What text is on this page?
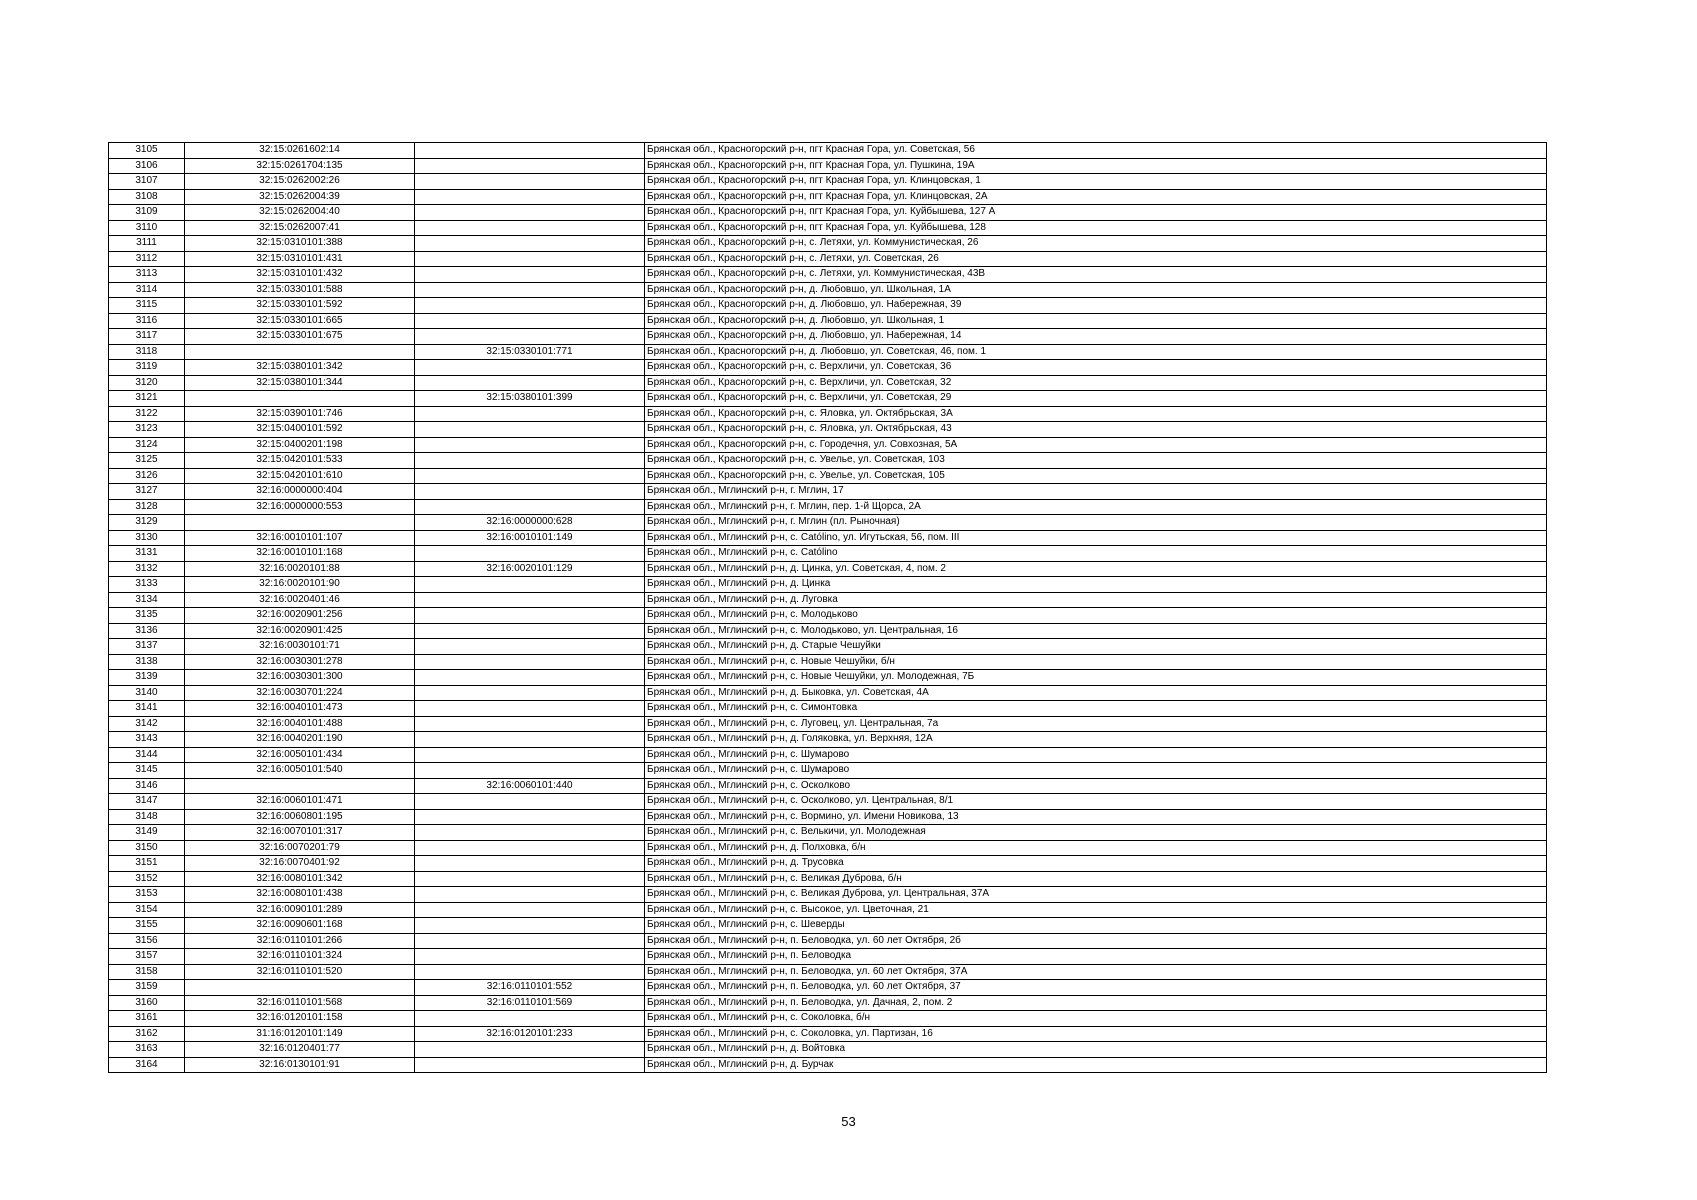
3105	32:15:0261602:14		Брянская обл., Красногорский р-н, пгт Красная Гора, ул. Советская, 56
3106	32:15:0261704:135		Брянская обл., Красногорский р-н, пгт Красная Гора, ул. Пушкина, 19А
3107	32:15:0262002:26		Брянская обл., Красногорский р-н, пгт Красная Гора, ул. Клинцовская, 1
3108	32:15:0262004:39		Брянская обл., Красногорский р-н, пгт Красная Гора, ул. Клинцовская, 2А
3109	32:15:0262004:40		Брянская обл., Красногорский р-н, пгт Красная Гора, ул. Куйбышева, 127 А
3110	32:15:0262007:41		Брянская обл., Красногорский р-н, пгт Красная Гора, ул. Куйбышева, 128
3111	32:15:0310101:388		Брянская обл., Красногорский р-н, с. Летяхи, ул. Коммунистическая, 26
3112	32:15:0310101:431		Брянская обл., Красногорский р-н, с. Летяхи, ул. Советская, 26
3113	32:15:0310101:432		Брянская обл., Красногорский р-н, с. Летяхи, ул. Коммунистическая, 43В
3114	32:15:0330101:588		Брянская обл., Красногорский р-н, д. Любовшо, ул. Школьная, 1А
3115	32:15:0330101:592		Брянская обл., Красногорский р-н, д. Любовшо, ул. Набережная, 39
3116	32:15:0330101:665		Брянская обл., Красногорский р-н, д. Любовшо, ул. Школьная, 1
3117	32:15:0330101:675		Брянская обл., Красногорский р-н, д. Любовшо, ул. Набережная, 14
3118		32:15:0330101:771	Брянская обл., Красногорский р-н, д. Любовшо, ул. Советская, 46, пом. 1
3119	32:15:0380101:342		Брянская обл., Красногорский р-н, с. Верхличи, ул. Советская, 36
3120	32:15:0380101:344		Брянская обл., Красногорский р-н, с. Верхличи, ул. Советская, 32
3121		32:15:0380101:399	Брянская обл., Красногорский р-н, с. Верхличи, ул. Советская, 29
3122	32:15:0390101:746		Брянская обл., Красногорский р-н, с. Яловка, ул. Октябрьская, 3А
3123	32:15:0400101:592		Брянская обл., Красногорский р-н, с. Яловка, ул. Октябрьская, 43
3124	32:15:0400201:198		Брянская обл., Красногорский р-н, с. Городечня, ул. Совхозная, 5А
3125	32:15:0420101:533		Брянская обл., Красногорский р-н, с. Увелье, ул. Советская, 103
3126	32:15:0420101:610		Брянская обл., Красногорский р-н, с. Увелье, ул. Советская, 105
3127	32:16:0000000:404		Брянская обл., Мглинский р-н, г. Мглин, 17
3128	32:16:0000000:553		Брянская обл., Мглинский р-н, г. Мглин, пер. 1-й Щорса, 2А
3129		32:16:0000000:628	Брянская обл., Мглинский р-н, г. Мглин (пл. Рыночная)
3130	32:16:0010101:107	32:16:0010101:149	Брянская обл., Мглинский р-н, с. Católino, ул. Игутьская, 56, пом. III
3131	32:16:0010101:168		Брянская обл., Мглинский р-н, с. Católino
3132	32:16:0020101:88	32:16:0020101:129	Брянская обл., Мглинский р-н, д. Цинка, ул. Советская, 4, пом. 2
3133	32:16:0020101:90		Брянская обл., Мглинский р-н, д. Цинка
3134	32:16:0020401:46		Брянская обл., Мглинский р-н, д. Луговка
3135	32:16:0020901:256		Брянская обл., Мглинский р-н, с. Молодьково
3136	32:16:0020901:425		Брянская обл., Мглинский р-н, с. Молодьково, ул. Центральная, 16
3137	32:16:0030101:71		Брянская обл., Мглинский р-н, д. Старые Чешуйки
3138	32:16:0030301:278		Брянская обл., Мглинский р-н, с. Новые Чешуйки, б/н
3139	32:16:0030301:300		Брянская обл., Мглинский р-н, с. Новые Чешуйки, ул. Молодежная, 7Б
3140	32:16:0030701:224		Брянская обл., Мглинский р-н, д. Быковка, ул. Советская, 4А
3141	32:16:0040101:473		Брянская обл., Мглинский р-н, с. Симонтовка
3142	32:16:0040101:488		Брянская обл., Мглинский р-н, с. Луговец, ул. Центральная, 7а
3143	32:16:0040201:190		Брянская обл., Мглинский р-н, д. Голяковка, ул. Верхняя, 12А
3144	32:16:0050101:434		Брянская обл., Мглинский р-н, с. Шумарово
3145	32:16:0050101:540		Брянская обл., Мглинский р-н, с. Шумарово
3146		32:16:0060101:440	Брянская обл., Мглинский р-н, с. Осколково
3147	32:16:0060101:471		Брянская обл., Мглинский р-н, с. Осколково, ул. Центральная, 8/1
3148	32:16:0060801:195		Брянская обл., Мглинский р-н, с. Вормино, ул. Имени Новикова, 13
3149	32:16:0070101:317		Брянская обл., Мглинский р-н, с. Велькичи, ул. Молодежная
3150	32:16:0070201:79		Брянская обл., Мглинский р-н, д. Полховка, б/н
3151	32:16:0070401:92		Брянская обл., Мглинский р-н, д. Трусовка
3152	32:16:0080101:342		Брянская обл., Мглинский р-н, с. Великая Дуброва, б/н
3153	32:16:0080101:438		Брянская обл., Мглинский р-н, с. Великая Дуброва, ул. Центральная, 37А
3154	32:16:0090101:289		Брянская обл., Мглинский р-н, с. Высокое, ул. Цветочная, 21
3155	32:16:0090601:168		Брянская обл., Мглинский р-н, с. Шеверды
3156	32:16:0110101:266		Брянская обл., Мглинский р-н, п. Беловодка, ул. 60 лет Октября, 2б
3157	32:16:0110101:324		Брянская обл., Мглинский р-н, п. Беловодка
3158	32:16:0110101:520		Брянская обл., Мглинский р-н, п. Беловодка, ул. 60 лет Октября, 37А
3159		32:16:0110101:552	Брянская обл., Мглинский р-н, п. Беловодка, ул. 60 лет Октября, 37
3160	32:16:0110101:568	32:16:0110101:569	Брянская обл., Мглинский р-н, п. Беловодка, ул. Дачная, 2, пом. 2
3161	32:16:0120101:158		Брянская обл., Мглинский р-н, с. Соколовка, б/н
3162	31:16:0120101:149	32:16:0120101:233	Брянская обл., Мглинский р-н, с. Соколовка, ул. Партизан, 16
3163	32:16:0120401:77		Брянская обл., Мглинский р-н, д. Войтовка
3164	32:16:0130101:91		Брянская обл., Мглинский р-н, д. Бурчак
53
